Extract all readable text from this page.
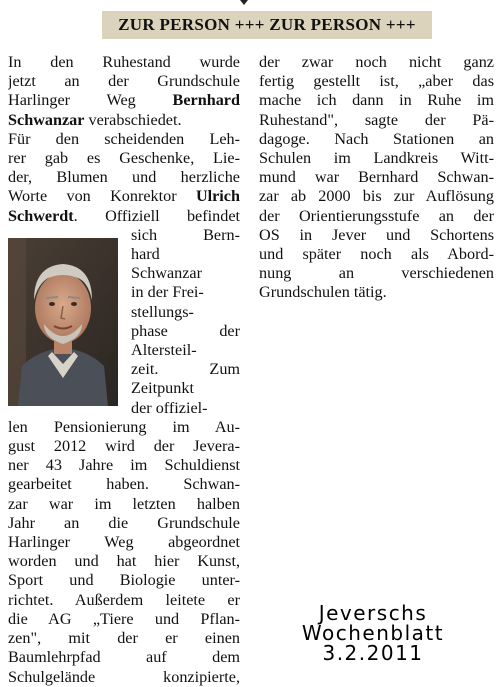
ZUR PERSON +++ ZUR PERSON +++
In den Ruhestand wurde
jetzt an der Grundschule
Harlinger Weg Bernhard
Schwanzar verabschiedet.
Für den scheidenden Leh-
rer gab es Geschenke, Lie-
der, Blumen und herzliche
Worte von Konrektor Ulrich
Schwerdt. Offiziell befindet
sich Bern-
hard
Schwanzar
in der Frei-
stellungs-
phase der
Altersteil-
zeit. Zum
Zeitpunkt
der offiziel-
len Pensionierung im Au-
gust 2012 wird der Jevera-
ner 43 Jahre im Schuldienst
gearbeitet haben. Schwan-
zar war im letzten halben
Jahr an die Grundschule
Harlinger Weg abgeordnet
worden und hat hier Kunst,
Sport und Biologie unter-
richtet. Außerdem leitete er
die AG „Tiere und Pflan-
zen", mit der er einen
Baumlehrpfad auf dem
Schulgelände konzipierte,
der zwar noch nicht ganz
fertig gestellt ist, „aber das
mache ich dann in Ruhe im
Ruhestand", sagte der Pä-
dagoge. Nach Stationen an
Schulen im Landkreis Witt-
mund war Bernhard Schwan-
zar ab 2000 bis zur Auflösung
der Orientierungsstufe an der
OS in Jever und Schortens
und später noch als Abord-
nung an verschiedenen
Grundschulen tätig.
Jeverschs
Wochenblatt
3.2.2011
